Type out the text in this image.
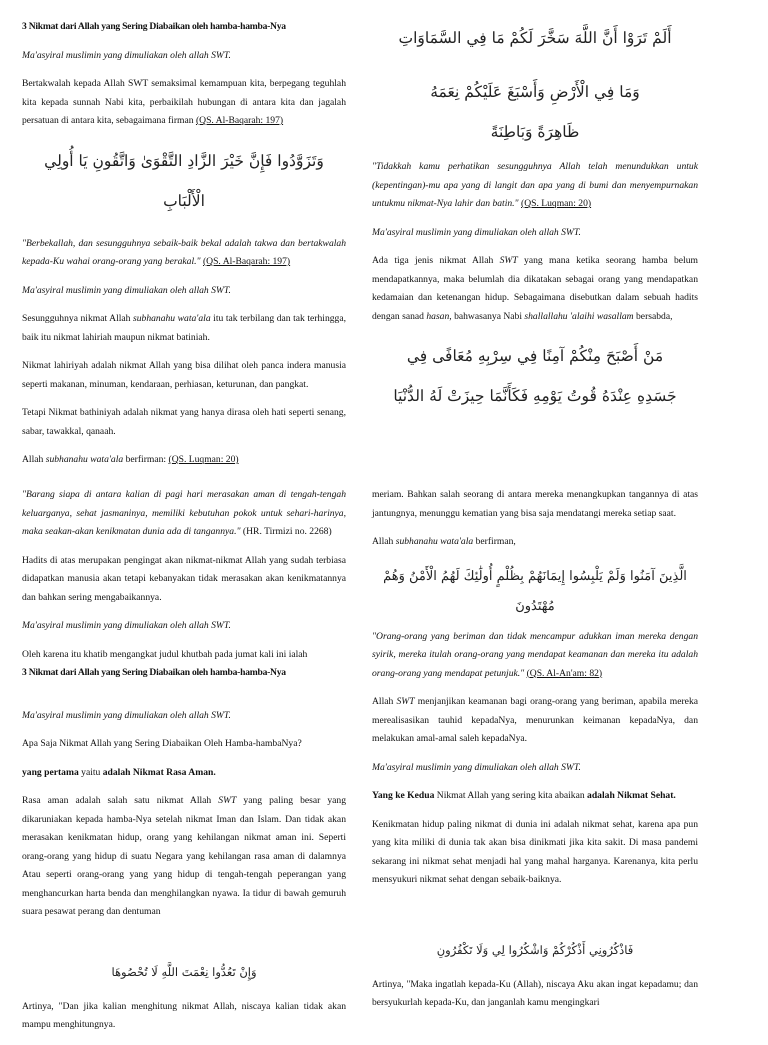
3 Nikmat dari Allah yang Sering Diabaikan oleh hamba-hamba-Nya

Ma'asyiral muslimin yang dimuliakan oleh allah SWT.

Bertakwalah kepada Allah SWT semaksimal kemampuan kita, berpegang teguhlah kita kepada sunnah Nabi kita, perbaikilah hubungan di antara kita dan jagalah persatuan di antara kita, sebagaimana firman (QS. Al-Baqarah: 197)

وَتَزَوَّدُوا فَإِنَّ خَيْرَ الزَّادِ التَّقْوَىٰ وَاتَّقُونِ يَا أُولِي الْأَلْبَابِ

"Berbekallah, dan sesungguhnya sebaik-baik bekal adalah takwa dan bertakwalah kepada-Ku wahai orang-orang yang berakal." (QS. Al-Baqarah: 197)

Ma'asyiral muslimin yang dimuliakan oleh allah SWT.

Sesungguhnya nikmat Allah subhanahu wata'ala itu tak terbilang dan tak terhingga, baik itu nikmat lahiriah maupun nikmat batiniah.

Nikmat lahiriyah adalah nikmat Allah yang bisa dilihat oleh panca indera manusia seperti makanan, minuman, kendaraan, perhiasan, keturunan, dan pangkat.

Tetapi Nikmat bathiniyah adalah nikmat yang hanya dirasa oleh hati seperti senang, sabar, tawakkal, qanaah.

Allah subhanahu wata'ala berfirman: (QS. Luqman: 20)

أَلَمْ تَرَوْا أَنَّ اللَّهَ سَخَّرَ لَكُمْ مَا فِي السَّمَاوَاتِ
وَمَا فِي الْأَرْضِ وَأَسْبَغَ عَلَيْكُمْ نِعَمَهُ
ظَاهِرَةً وَبَاطِنَةً

"Tidakkah kamu perhatikan sesungguhnya Allah telah menundukkan untuk (kepentingan)-mu apa yang di langit dan apa yang di bumi dan menyempurnakan untukmu nikmat-Nya lahir dan batin." (QS. Luqman: 20)

Ma'asyiral muslimin yang dimuliakan oleh allah SWT.

Ada tiga jenis nikmat Allah SWT yang mana ketika seorang hamba belum mendapatkannya, maka belumlah dia dikatakan sebagai orang yang mendapatkan kedamaian dan ketenangan hidup. Sebagaimana disebutkan dalam sebuah hadits dengan sanad hasan, bahwasanya Nabi shallallahu 'alaihi wasallam bersabda,

مَنْ أَصْبَحَ مِنْكُمْ آمِنًا فِي سِرْبِهِ مُعَافًى فِي
جَسَدِهِ عِنْدَهُ قُوتُ يَوْمِهِ فَكَأَنَّمَا حِيزَتْ لَهُ الدُّنْيَا

"Barang siapa di antara kalian di pagi hari merasakan aman di tengah-tengah keluarganya, sehat jasmaninya, memiliki kebutuhan pokok untuk sehari-harinya, maka seakan-akan kenikmatan dunia ada di tangannya." (HR. Tirmizi no. 2268)

Hadits di atas merupakan pengingat akan nikmat-nikmat Allah yang sudah terbiasa didapatkan manusia akan tetapi kebanyakan tidak merasakan akan kenikmatannya dan bahkan sering mengabaikannya.

Ma'asyiral muslimin yang dimuliakan oleh allah SWT.

Oleh karena itu khatib mengangkat judul khutbah pada jumat kali ini ialah

3 Nikmat dari Allah yang Sering Diabaikan oleh hamba-hamba-Nya

Ma'asyiral muslimin yang dimuliakan oleh allah SWT.

Apa Saja Nikmat Allah yang Sering Diabaikan Oleh Hamba-hambaNya?

yang pertama yaitu adalah Nikmat Rasa Aman.

Rasa aman adalah salah satu nikmat Allah SWT yang paling besar yang dikaruniakan kepada hamba-Nya setelah nikmat Iman dan Islam. Dan tidak akan merasakan kenikmatan hidup, orang yang kehilangan nikmat aman ini. Seperti orang-orang yang hidup di suatu Negara yang kehilangan rasa aman di dalamnya Atau seperti orang-orang yang yang hidup di tengah-tengah peperangan yang menghancurkan harta benda dan menghilangkan nyawa. Ia tidur di bawah gemuruh suara pesawat perang dan dentuman

وَإِنْ تَعُدُّوا نِعْمَتَ اللَّهِ لَا تُحْصُوهَا

Artinya, "Dan jika kalian menghitung nikmat Allah, niscaya kalian tidak akan mampu menghitungnya.

meriam. Bahkan salah seorang di antara mereka menangkupkan tangannya di atas jantungnya, menunggu kematian yang bisa saja mendatangi mereka setiap saat.

Allah subhanahu wata'ala berfirman,

الَّذِينَ آمَنُوا وَلَمْ يَلْبِسُوا إِيمَانَهُمْ بِظُلْمٍ أُولَٰئِكَ لَهُمُ الْأَمْنُ وَهُمْ مُهْتَدُونَ

"Orang-orang yang beriman dan tidak mencampur adukkan iman mereka dengan syirik, mereka itulah orang-orang yang mendapat keamanan dan mereka itu adalah orang-orang yang mendapat petunjuk." (QS. Al-An'am: 82)

Allah SWT menjanjikan keamanan bagi orang-orang yang beriman, apabila mereka merealisasikan tauhid kepadaNya, menurunkan keimanan kepadaNya, dan melakukan amal-amal saleh kepadaNya.

Ma'asyiral muslimin yang dimuliakan oleh allah SWT.

Yang ke Kedua Nikmat Allah yang sering kita abaikan adalah Nikmat Sehat.

Kenikmatan hidup paling nikmat di dunia ini adalah nikmat sehat, karena apa pun yang kita miliki di dunia tak akan bisa dinikmati jika kita sakit. Di masa pandemi sekarang ini nikmat sehat menjadi hal yang mahal harganya. Karenanya, kita perlu mensyukuri nikmat sehat dengan sebaik-baiknya.

فَاذْكُرُونِي أَذْكُرْكُمْ وَاشْكُرُوا لِي وَلَا تَكْفُرُونِ

Artinya, "Maka ingatlah kepada-Ku (Allah), niscaya Aku akan ingat kepadamu; dan bersyukurlah kepada-Ku, dan janganlah kamu mengingkari
